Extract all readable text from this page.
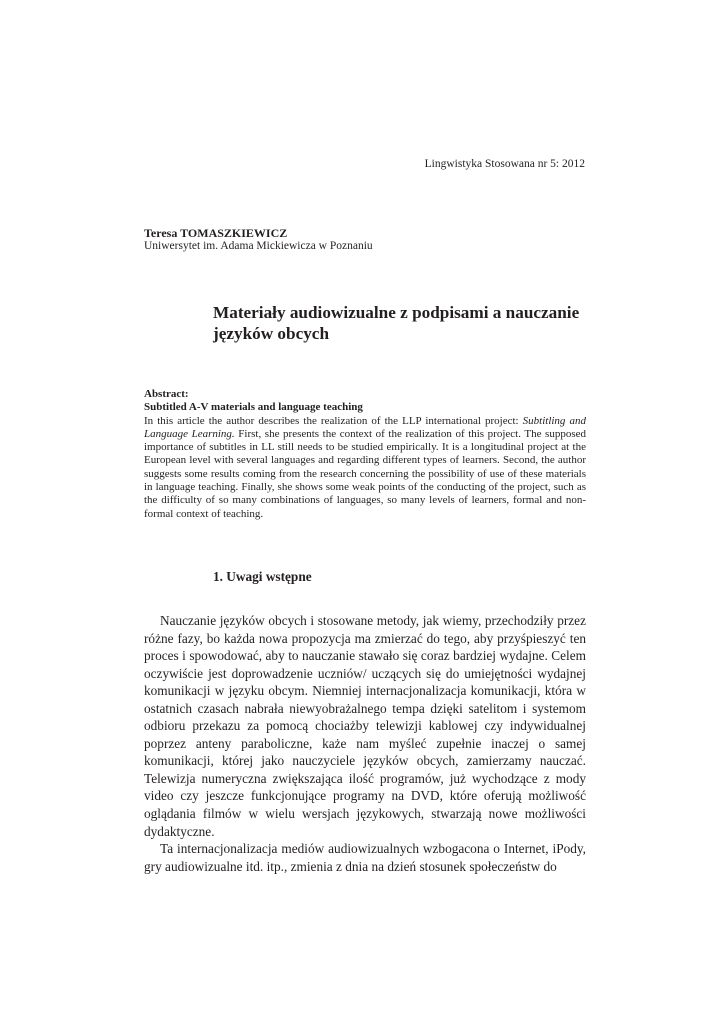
Lingwistyka Stosowana nr 5: 2012

Teresa TOMASZKIEWICZ

Uniwersytet im. Adama Mickiewicza w Poznaniu

Materiały audiowizualne z podpisami a nauczanie języków obcych

Abstract:

Subtitled A-V materials and language teaching

In this article the author describes the realization of the LLP international project: Subtitling and Language Learning. First, she presents the context of the realization of this project. The supposed importance of subtitles in LL still needs to be studied empirically. It is a longitudinal project at the European level with several languages and regarding different types of learners. Second, the author suggests some results coming from the research concerning the possibility of use of these materials in language teaching. Finally, she shows some weak points of the conducting of the project, such as the difficulty of so many combinations of languages, so many levels of learners, formal and non-formal context of teaching.

1. Uwagi wstępne

Nauczanie języków obcych i stosowane metody, jak wiemy, przechodziły przez różne fazy, bo każda nowa propozycja ma zmierzać do tego, aby przyśpieszyć ten proces i spowodować, aby to nauczanie stawało się coraz bardziej wydajne. Celem oczywiście jest doprowadzenie uczniów/ uczących się do umiejętności wydajnej komunikacji w języku obcym. Niemniej internacjonalizacja komunikacji, która w ostatnich czasach nabrała niewyobrażalnego tempa dzięki satelitom i systemom odbioru przekazu za pomocą chociażby telewizji kablowej czy indywidualnej poprzez anteny paraboliczne, każe nam myśleć zupełnie inaczej o samej komunikacji, której jako nauczyciele języków obcych, zamierzamy nauczać. Telewizja numeryczna zwiększająca ilość programów, już wychodzące z mody video czy jeszcze funkcjonujące programy na DVD, które oferują możliwość oglądania filmów w wielu wersjach językowych, stwarzają nowe możliwości dydaktyczne.

Ta internacjonalizacja mediów audiowizualnych wzbogacona o Internet, iPody, gry audiowizualne itd. itp., zmienia z dnia na dzień stosunek społeczeństw do
